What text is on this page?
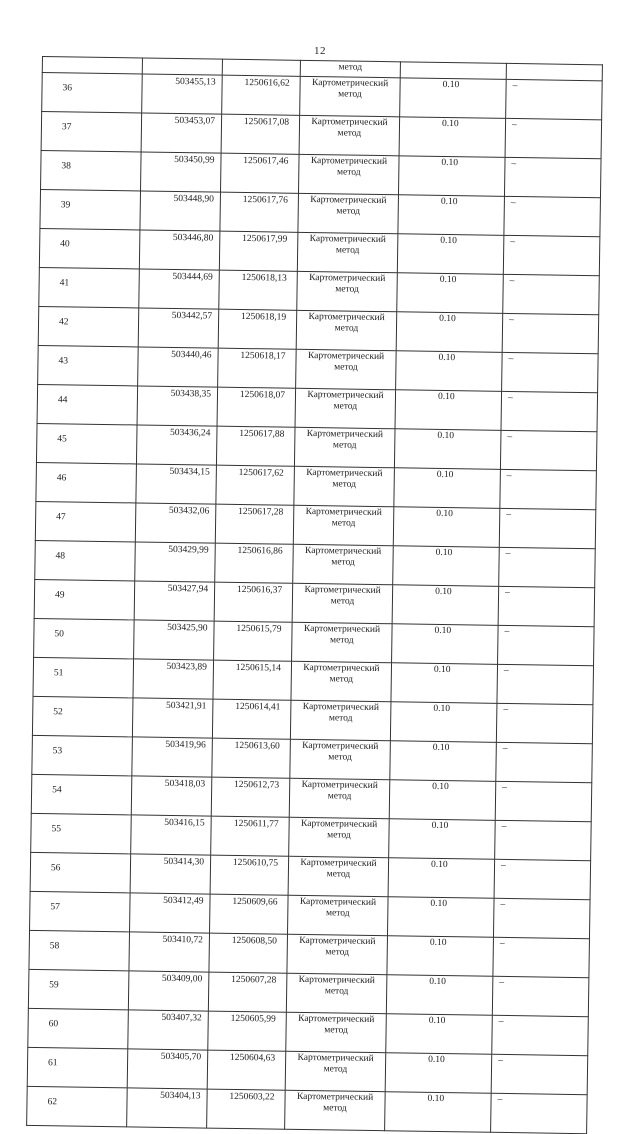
12

			метод		

36	503455,13	1250616,62	Картометрический
метод	0.10	–
37	503453,07	1250617,08	Картометрический
метод	0.10	–
38	503450,99	1250617,46	Картометрический
метод	0.10	–
39	503448,90	1250617,76	Картометрический
метод	0.10	–
40	503446,80	1250617,99	Картометрический
метод	0.10	–
41	503444,69	1250618,13	Картометрический
метод	0.10	–
42	503442,57	1250618,19	Картометрический
метод	0.10	–
43	503440,46	1250618,17	Картометрический
метод	0.10	–
44	503438,35	1250618,07	Картометрический
метод	0.10	–
45	503436,24	1250617,88	Картометрический
метод	0.10	–
46	503434,15	1250617,62	Картометрический
метод	0.10	–
47	503432,06	1250617,28	Картометрический
метод	0.10	–
48	503429,99	1250616,86	Картометрический
метод	0.10	–
49	503427,94	1250616,37	Картометрический
метод	0.10	–
50	503425,90	1250615,79	Картометрический
метод	0.10	–
51	503423,89	1250615,14	Картометрический
метод	0.10	–
52	503421,91	1250614,41	Картометрический
метод	0.10	–
53	503419,96	1250613,60	Картометрический
метод	0.10	–
54	503418,03	1250612,73	Картометрический
метод	0.10	–
55	503416,15	1250611,77	Картометрический
метод	0.10	–
56	503414,30	1250610,75	Картометрический
метод	0.10	–
57	503412,49	1250609,66	Картометрический
метод	0.10	–
58	503410,72	1250608,50	Картометрический
метод	0.10	–
59	503409,00	1250607,28	Картометрический
метод	0.10	–
60	503407,32	1250605,99	Картометрический
метод	0.10	–
61	503405,70	1250604,63	Картометрический
метод	0.10	–
62	503404,13	1250603,22	Картометрический
метод	0.10	–
